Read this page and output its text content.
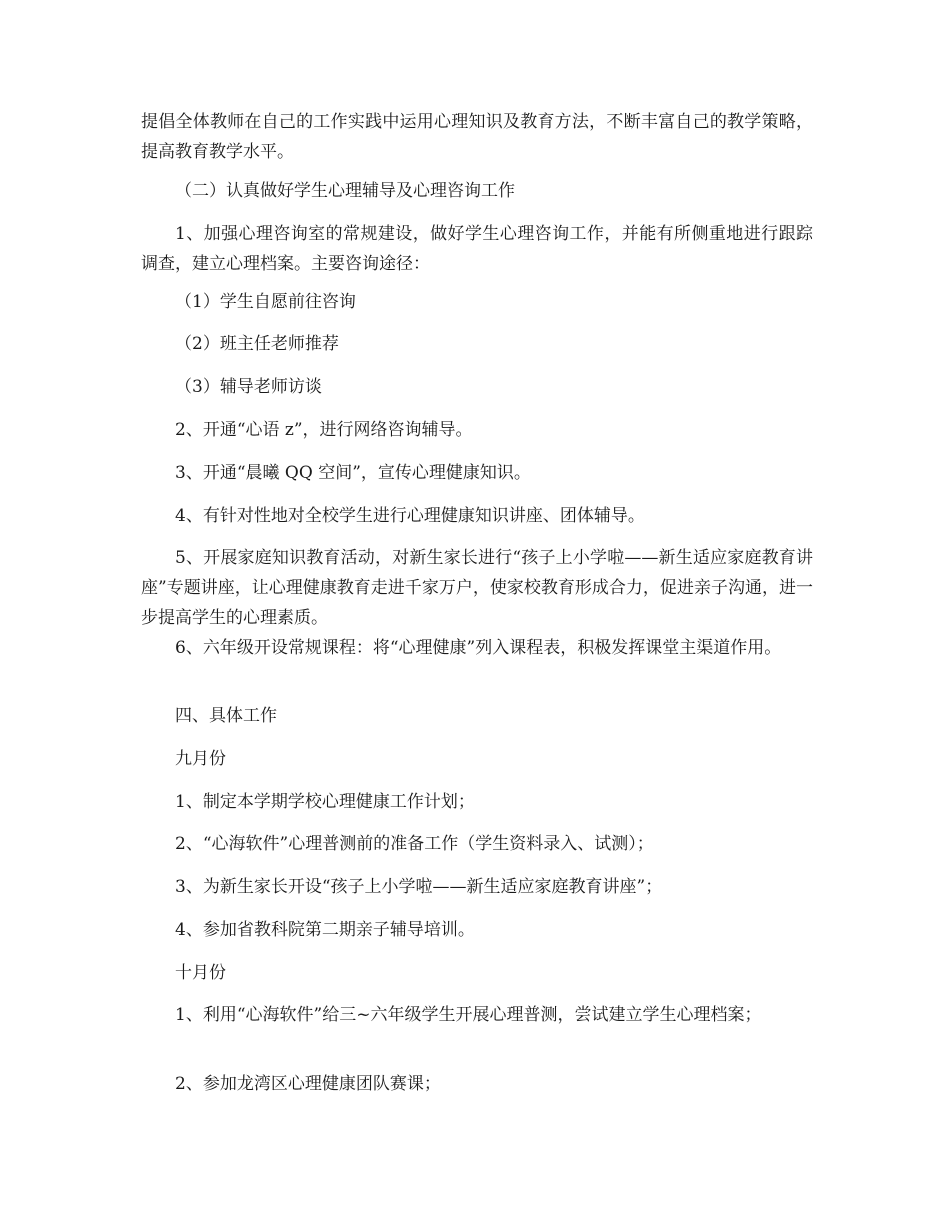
提倡全体教师在自己的工作实践中运用心理知识及教育方法，不断丰富自己的教学策略，提高教育教学水平。

（二）认真做好学生心理辅导及心理咨询工作

1、加强心理咨询室的常规建设，做好学生心理咨询工作，并能有所侧重地进行跟踪调查，建立心理档案。主要咨询途径：

（1）学生自愿前往咨询

（2）班主任老师推荐

（3）辅导老师访谈

2、开通“心语 z”，进行网络咨询辅导。

3、开通“晨曦 QQ 空间”，宣传心理健康知识。

4、有针对性地对全校学生进行心理健康知识讲座、团体辅导。

5、开展家庭知识教育活动，对新生家长进行“孩子上小学啦——新生适应家庭教育讲座”专题讲座，让心理健康教育走进千家万户，使家校教育形成合力，促进亲子沟通，进一步提高学生的心理素质。

6、六年级开设常规课程：将“心理健康”列入课程表，积极发挥课堂主渠道作用。

四、具体工作

九月份

1、制定本学期学校心理健康工作计划；

2、“心海软件”心理普测前的准备工作（学生资料录入、试测）；

3、为新生家长开设“孩子上小学啦——新生适应家庭教育讲座”；

4、参加省教科院第二期亲子辅导培训。

十月份

1、利用“心海软件”给三~六年级学生开展心理普测，尝试建立学生心理档案；

2、参加龙湾区心理健康团队赛课；
